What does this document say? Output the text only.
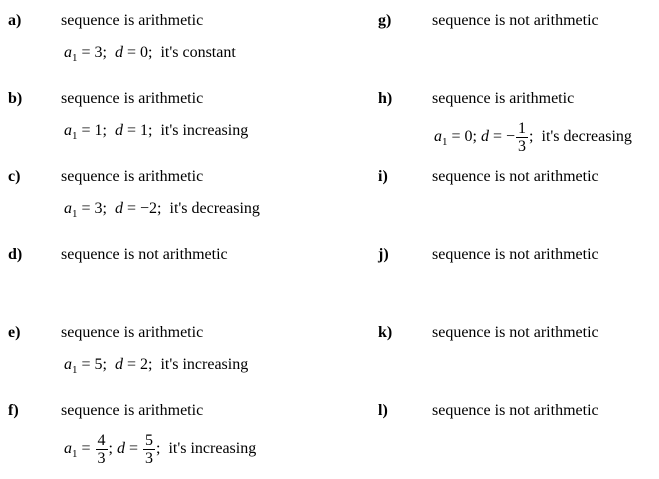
a) sequence is arithmetic
$a_1 = 3$;  d = 0;  it's constant
b) sequence is arithmetic
$a_1 = 1$;  d = 1;  it's increasing
c)	sequence is arithmetic
$a_1 = 3$;  d = −2;  it's decreasing
d) sequence is not arithmetic
e)	sequence is arithmetic
$a_1 = 5$;  d = 2;  it's increasing
f)	sequence is arithmetic
$a_1 = \frac{4}{3}$ ; $d = \frac{5}{3}$ ;  it's increasing
g)	sequence is not arithmetic
h) sequence is arithmetic
$a_1 = 0$; d = − $\frac{1}{3}$ ;  it's decreasing
i)	sequence is not arithmetic
j)	sequence is not arithmetic
k) sequence is not arithmetic
l)	sequence is not arithmetic
